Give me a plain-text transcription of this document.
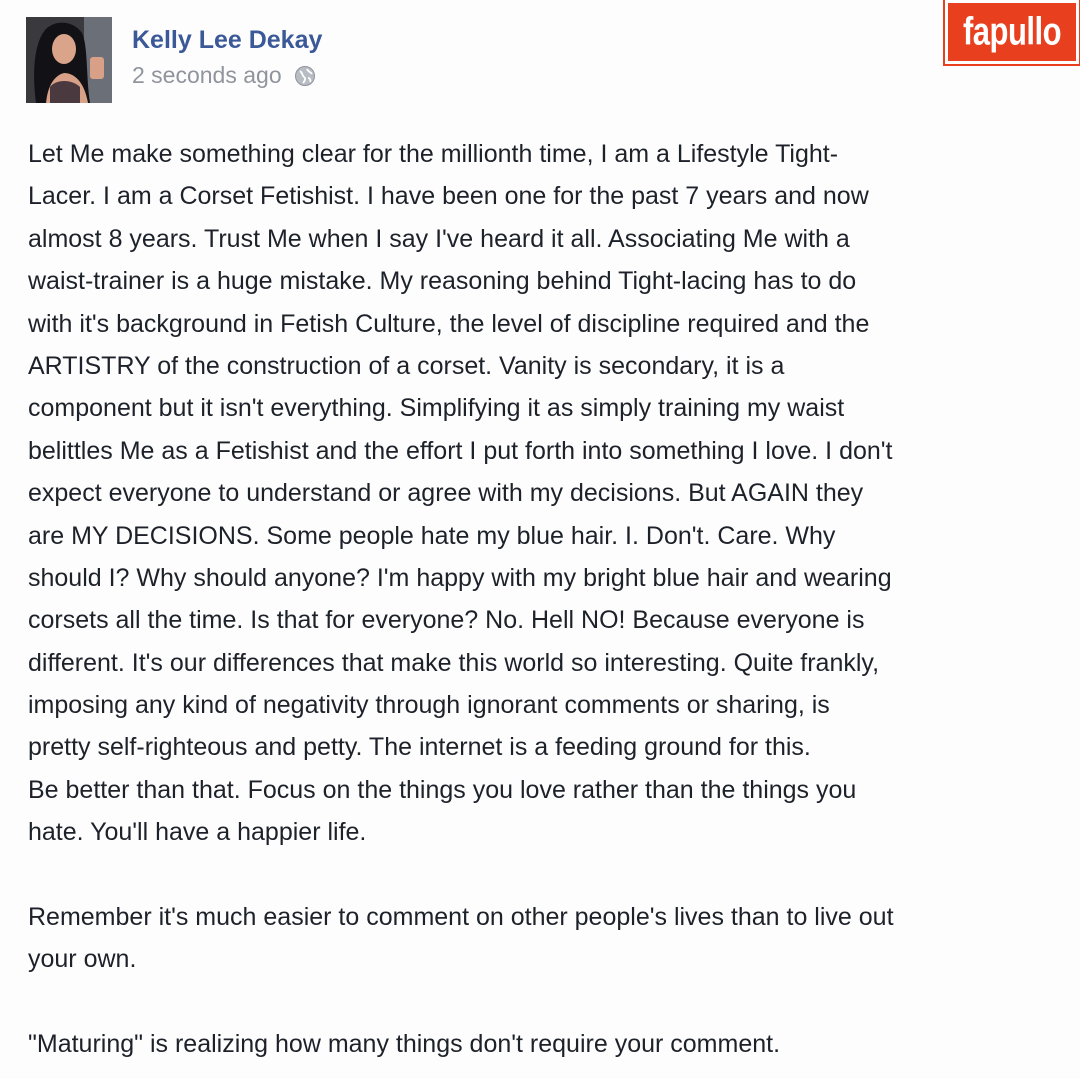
Kelly Lee Dekay
2 seconds ago
fapullo
Let Me make something clear for the millionth time, I am a Lifestyle Tight-
Lacer. I am a Corset Fetishist. I have been one for the past 7 years and now
almost 8 years. Trust Me when I say I've heard it all. Associating Me with a
waist-trainer is a huge mistake. My reasoning behind Tight-lacing has to do
with it's background in Fetish Culture, the level of discipline required and the
ARTISTRY of the construction of a corset. Vanity is secondary, it is a
component but it isn't everything. Simplifying it as simply training my waist
belittles Me as a Fetishist and the effort I put forth into something I love. I don't
expect everyone to understand or agree with my decisions. But AGAIN they
are MY DECISIONS. Some people hate my blue hair. I. Don't. Care. Why
should I? Why should anyone? I'm happy with my bright blue hair and wearing
corsets all the time. Is that for everyone? No. Hell NO! Because everyone is
different. It's our differences that make this world so interesting. Quite frankly,
imposing any kind of negativity through ignorant comments or sharing, is
pretty self-righteous and petty. The internet is a feeding ground for this.
Be better than that. Focus on the things you love rather than the things you
hate. You'll have a happier life.
Remember it's much easier to comment on other people's lives than to live out
your own.
"Maturing" is realizing how many things don't require your comment.
